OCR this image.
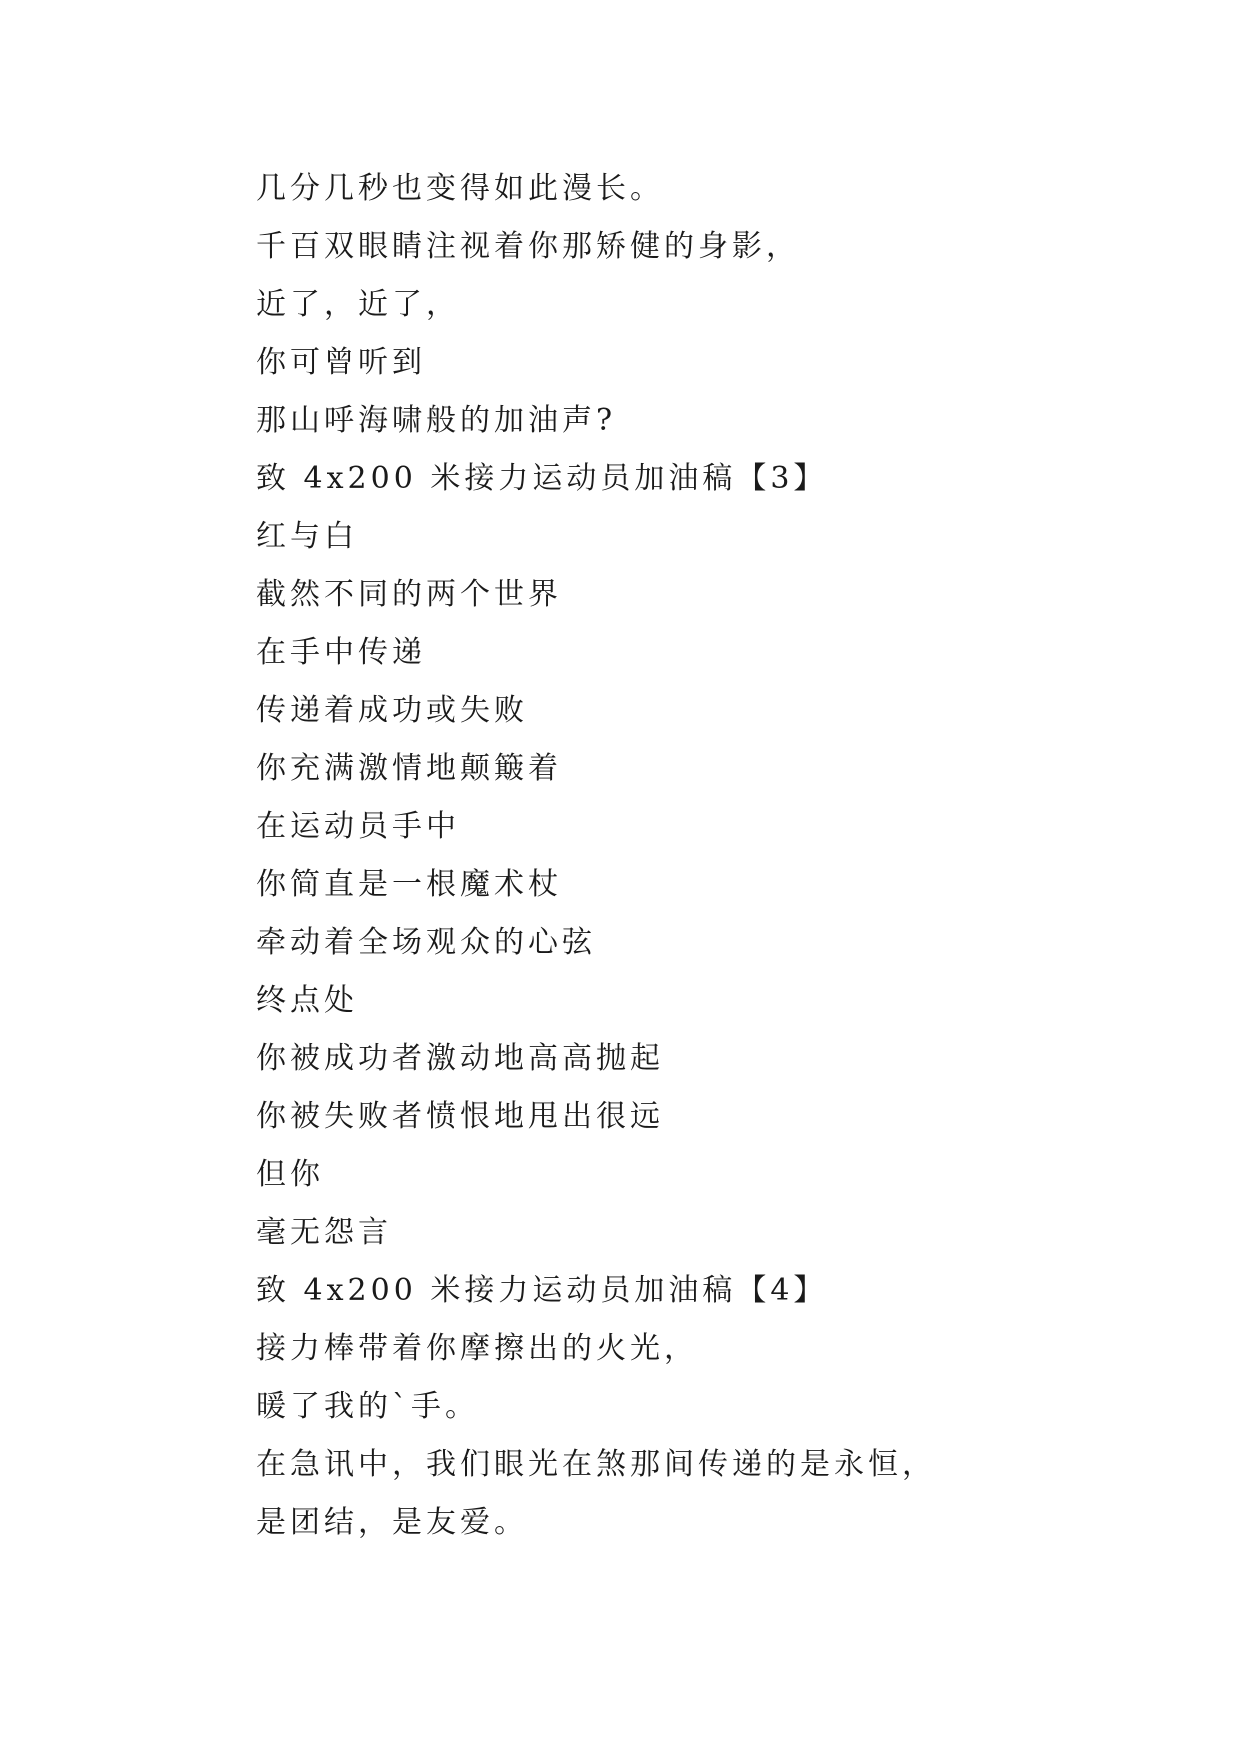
几分几秒也变得如此漫长。

千百双眼睛注视着你那矫健的身影，

近了，近了，

你可曾听到

那山呼海啸般的加油声?

致 4x200 米接力运动员加油稿【3】

红与白

截然不同的两个世界

在手中传递

传递着成功或失败

你充满激情地颠簸着

在运动员手中

你简直是一根魔术杖

牵动着全场观众的心弦

终点处

你被成功者激动地高高抛起

你被失败者愤恨地甩出很远

但你

毫无怨言

致 4x200 米接力运动员加油稿【4】

接力棒带着你摩擦出的火光，

暖了我的`手。

在急讯中，我们眼光在煞那间传递的是永恒，

是团结，是友爱。
